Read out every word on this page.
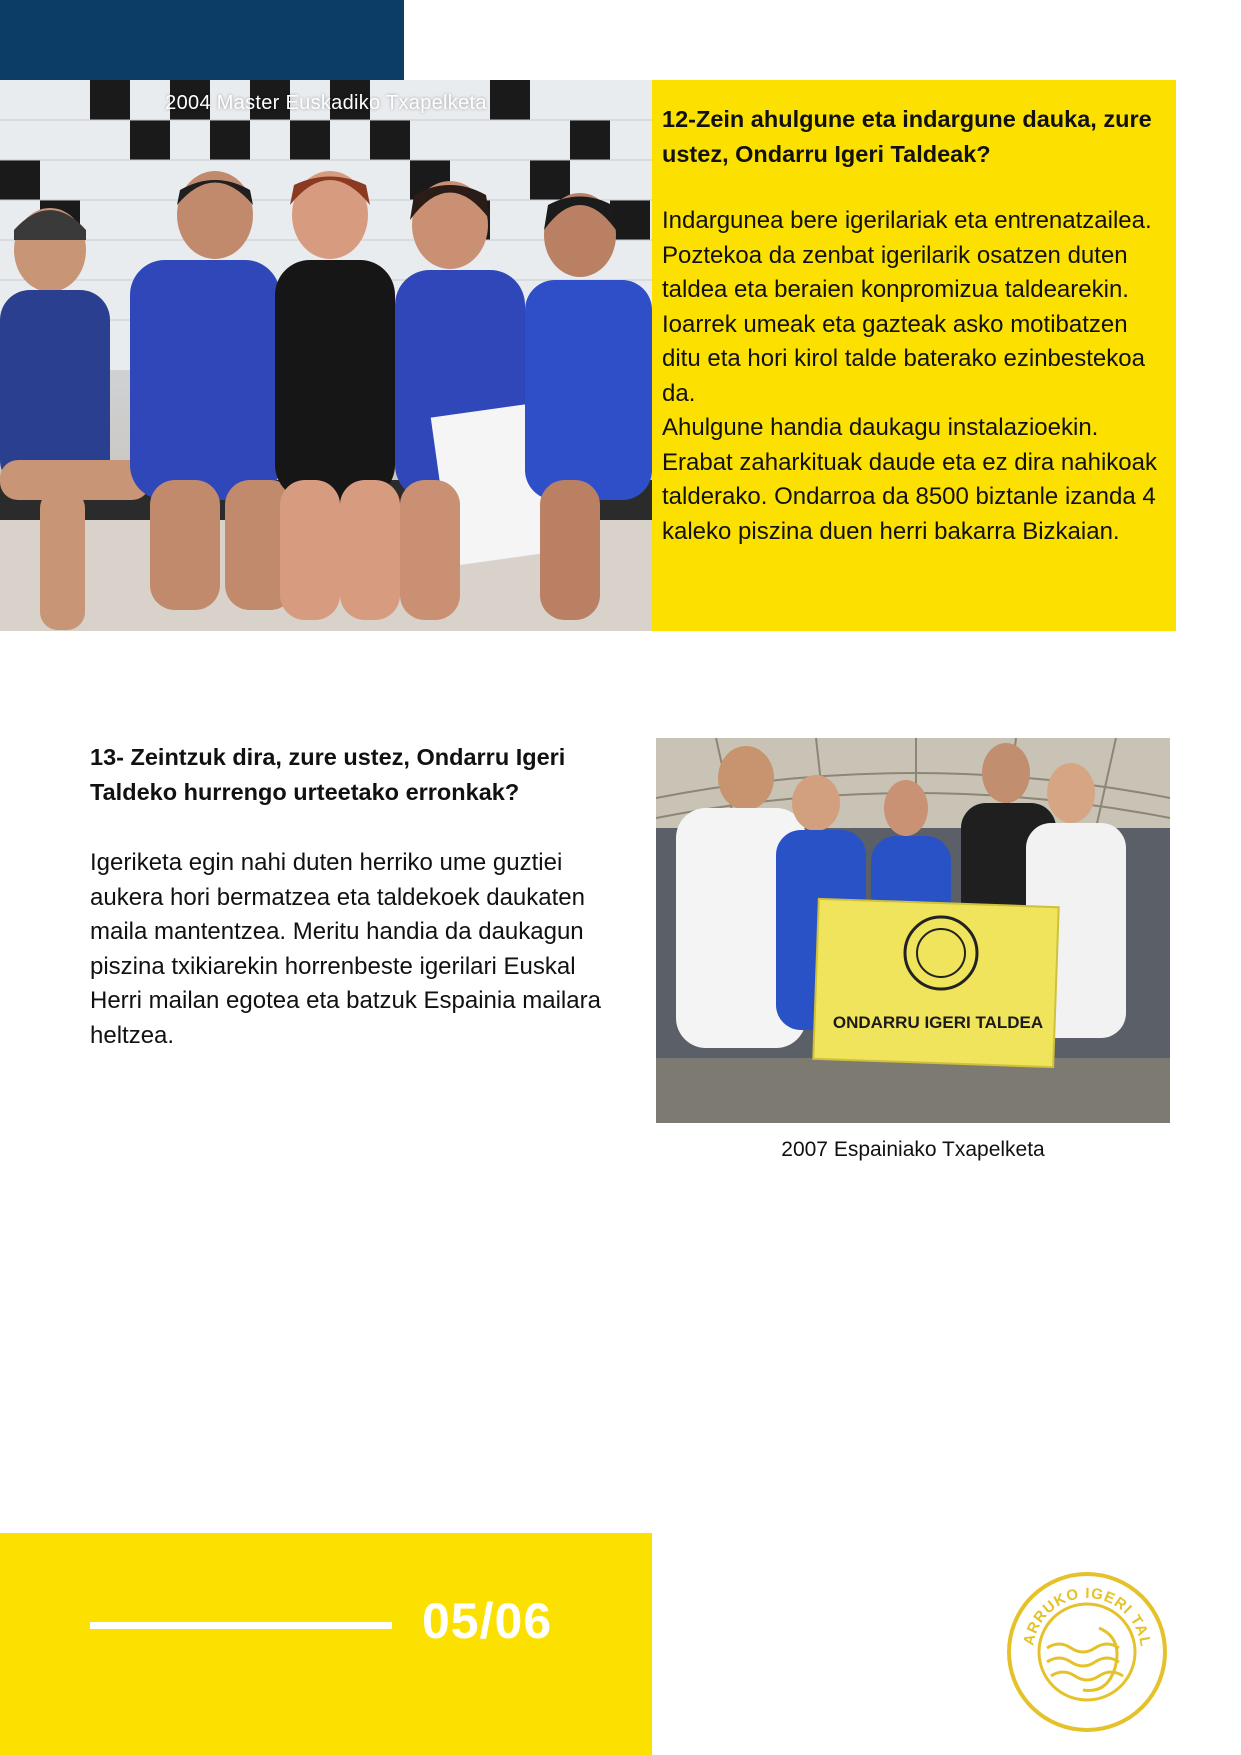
2004 Master Euskadiko Txapelketa

12-Zein ahulgune eta indargune dauka, zure ustez, Ondarru Igeri Taldeak?

Indargunea bere igerilariak eta entrenatzailea. Poztekoa da zenbat igerilarik osatzen duten taldea eta beraien konpromizua taldearekin. Ioarrek umeak eta gazteak asko motibatzen ditu eta hori kirol talde baterako ezinbestekoa da.

Ahulgune handia daukagu instalazioekin. Erabat zaharkituak daude eta ez dira nahikoak talderako. Ondarroa da 8500 biztanle izanda 4 kaleko piszina duen herri bakarra Bizkaian.

13- Zeintzuk dira, zure ustez, Ondarru Igeri Taldeko hurrengo urteetako erronkak?

Igeriketa egin nahi duten herriko ume guztiei aukera hori bermatzea eta taldekoek daukaten maila mantentzea. Meritu handia da daukagun piszina txikiarekin horrenbeste igerilari Euskal Herri mailan egotea eta batzuk Espainia mailara heltzea.	ONDARRU IGERI TALDEA
2007 Espainiako Txapelketa
05/06	ARRUKO IGERI TAL
